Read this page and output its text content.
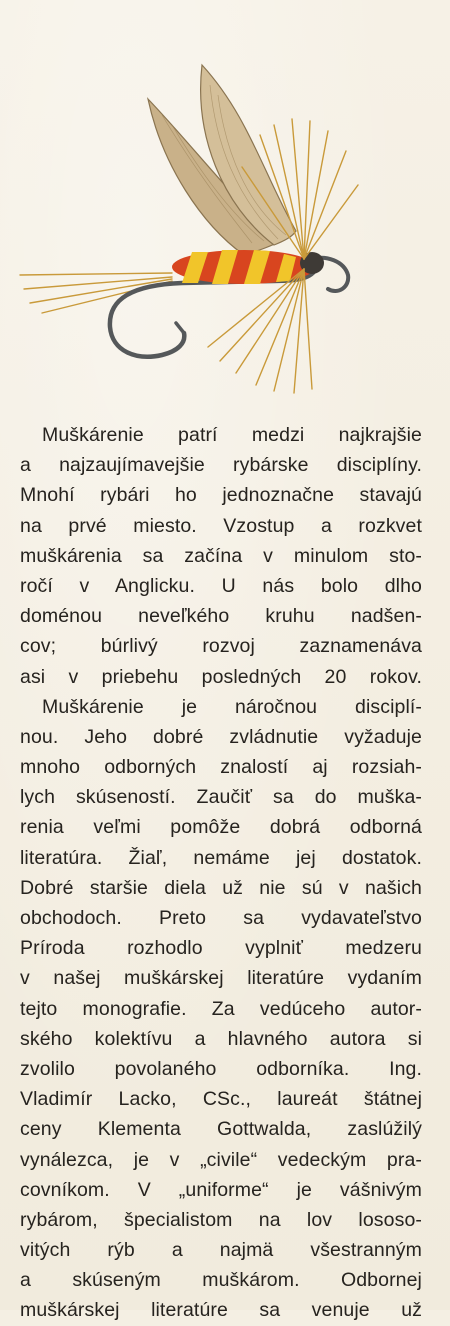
Muškárenie patrí medzi najkrajšie
a najzaujímavejšie rybárske disciplíny.
Mnohí rybári ho jednoznačne stavajú
na prvé miesto. Vzostup a rozkvet
muškárenia sa začína v minulom sto-
ročí v Anglicku. U nás bolo dlho
doménou neveľkého kruhu nadšen-
cov; búrlivý rozvoj zaznamenáva
asi v priebehu posledných 20 rokov.
Muškárenie je náročnou disciplí-
nou. Jeho dobré zvládnutie vyžaduje
mnoho odborných znalostí aj rozsiah-
lych skúseností. Zaučiť sa do muška-
renia veľmi pomôže dobrá odborná
literatúra. Žiaľ, nemáme jej dostatok.
Dobré staršie diela už nie sú v našich
obchodoch. Preto sa vydavateľstvo
Príroda rozhodlo vyplniť medzeru
v našej muškárskej literatúre vydaním
tejto monografie. Za vedúceho autor-
ského kolektívu a hlavného autora si
zvolilo povolaného odborníka. Ing.
Vladimír Lacko, CSc., laureát štátnej
ceny Klementa Gottwalda, zaslúžilý
vynálezca, je v „civile“ vedeckým pra-
covníkom. V „uniforme“ je vášnivým
rybárom, špecialistom na lov lososo-
vitých rýb a najmä všestranným
a skúseným muškárom. Odbornej
muškárskej literatúre sa venuje už
